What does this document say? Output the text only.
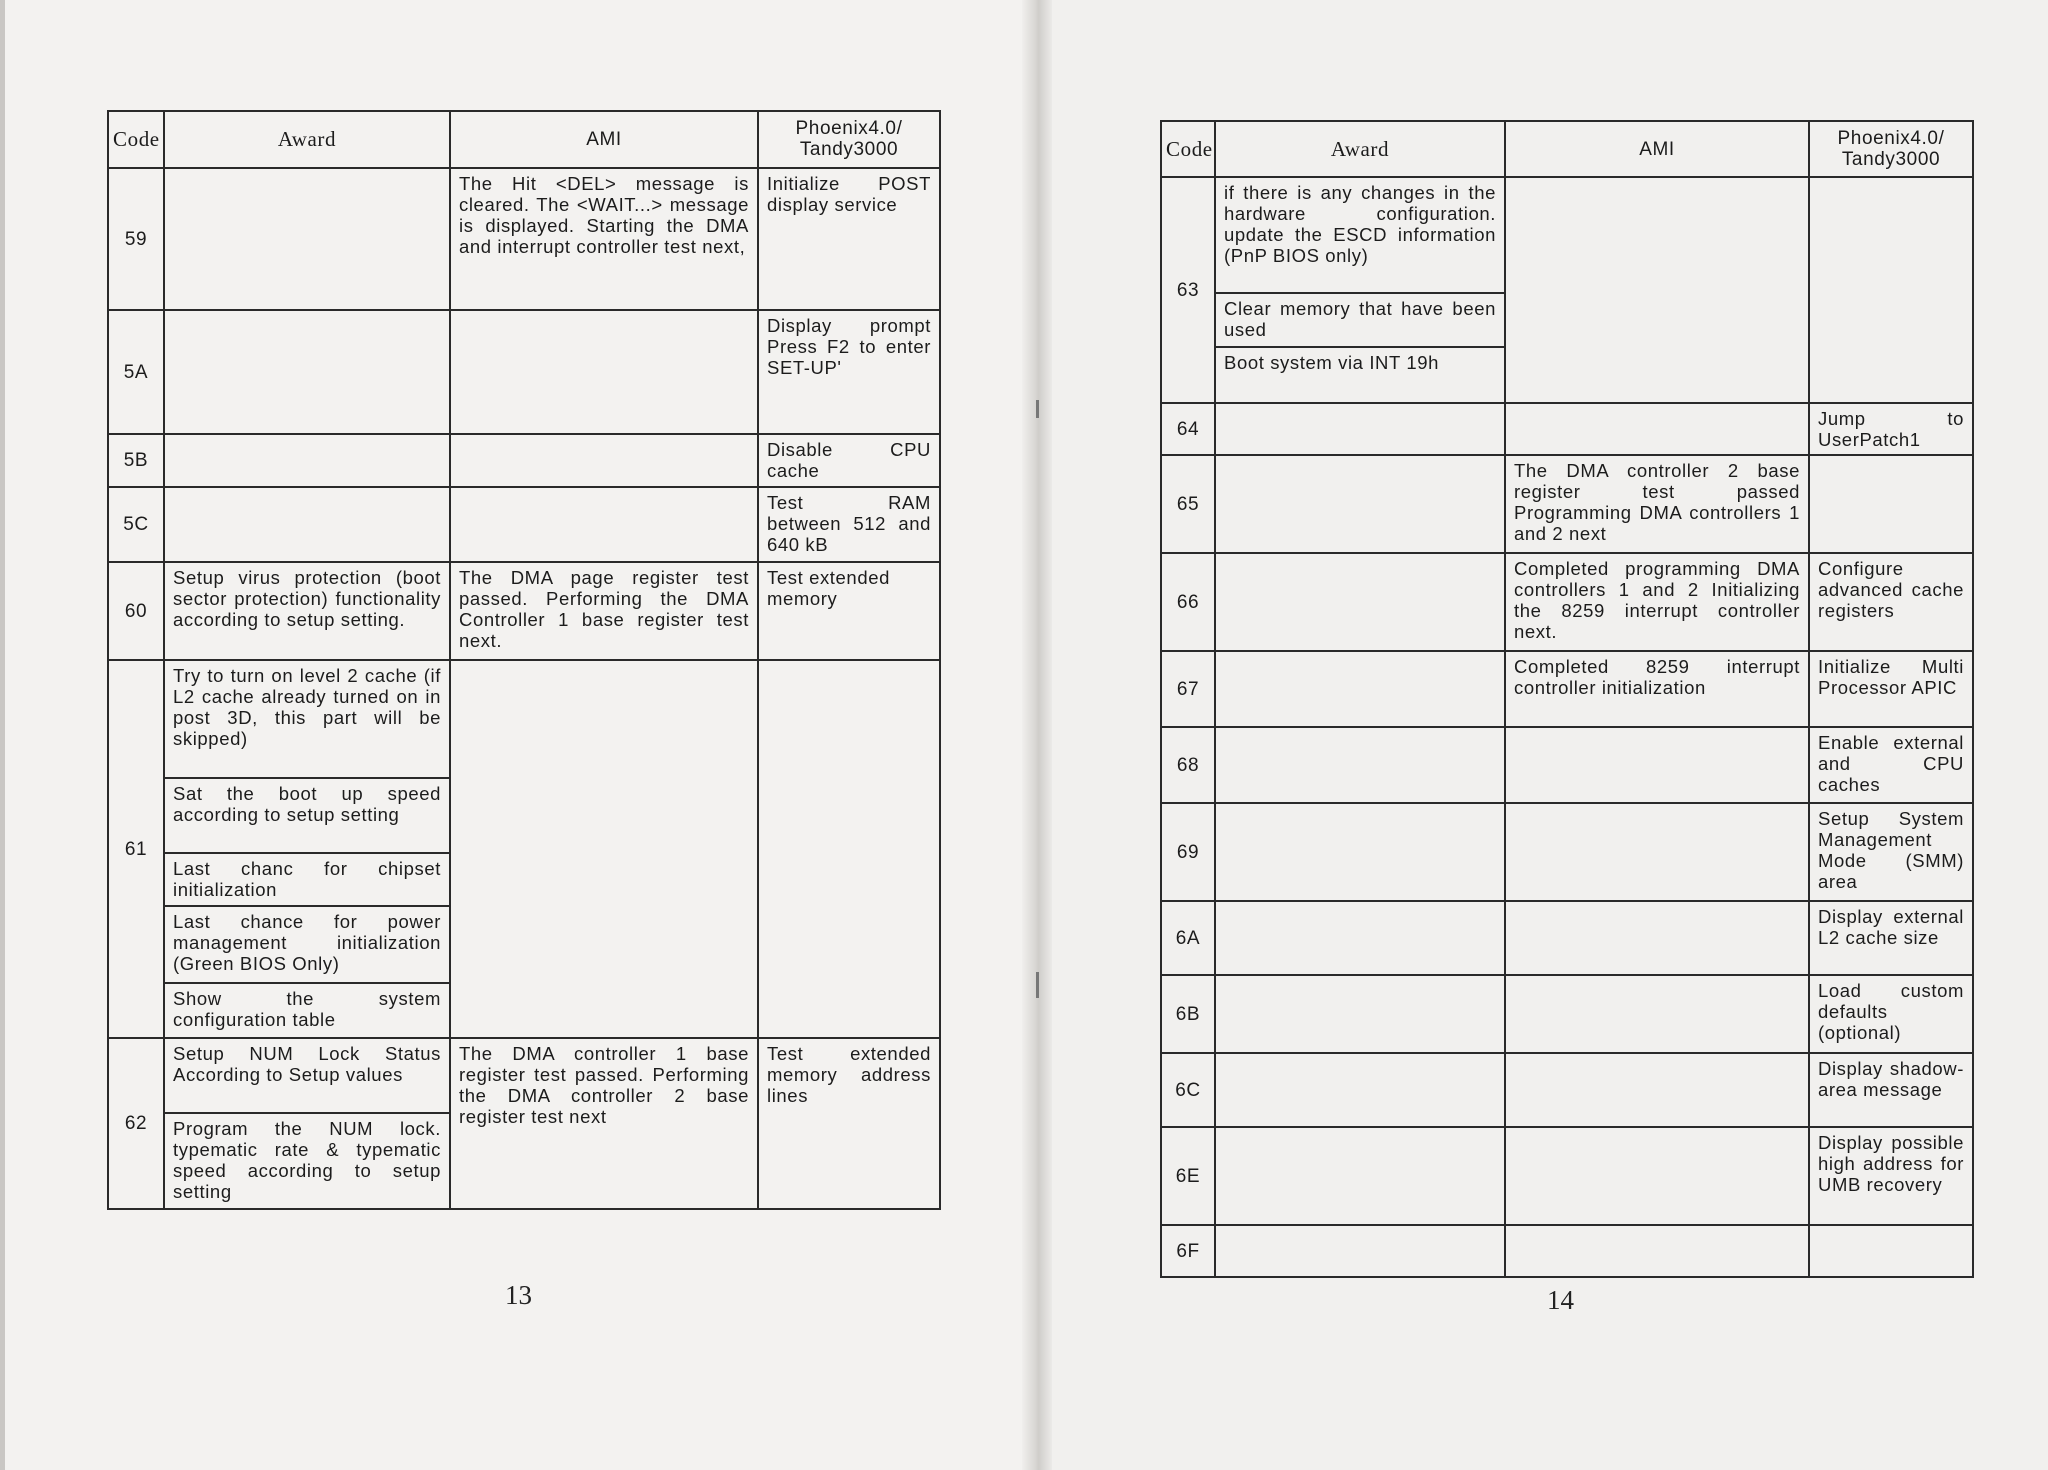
Code	Award	AMI	Phoenix4.0/ Tandy3000
59		The Hit <DEL> message is cleared. The <WAIT...> message is displayed. Starting the DMA and interrupt controller test next,	Initialize POST display service
5A			Display prompt Press F2 to enter SET-UP'
5B			Disable CPU cache
5C			Test RAM between 512 and 640 kB
60	Setup virus protection (boot sector protection) functionality according to setup setting.	The DMA page register test passed. Performing the DMA Controller 1 base register test next.	Test extended memory
61	Try to turn on level 2 cache (if L2 cache already turned on in post 3D, this part will be skipped)		
	Sat the boot up speed according to setup setting		
	Last chanc for chipset initialization		
	Last chance for power management initialization (Green BIOS Only)		
	Show the system configuration table		
62	Setup NUM Lock Status According to Setup values	The DMA controller 1 base register test passed. Performing the DMA controller 2 base register test next	Test extended memory address lines
	Program the NUM lock. typematic rate & typematic speed according to setup setting		
13
Code	Award	AMI	Phoenix4.0/ Tandy3000
63	if there is any changes in the hardware configuration. update the ESCD information (PnP BIOS only)		
	Clear memory that have been used		
	Boot system via INT 19h		
64			Jump to UserPatch1
65		The DMA controller 2 base register test passed Programming DMA controllers 1 and 2 next	
66		Completed programming DMA controllers 1 and 2 Initializing the 8259 interrupt controller next.	Configure advanced cache registers
67		Completed 8259 interrupt controller initialization	Initialize Multi Processor APIC
68			Enable external and CPU caches
69			Setup System Management Mode (SMM) area
6A			Display external L2 cache size
6B			Load custom defaults (optional)
6C			Display shadow-area message
6E			Display possible high address for UMB recovery
6F			
14
